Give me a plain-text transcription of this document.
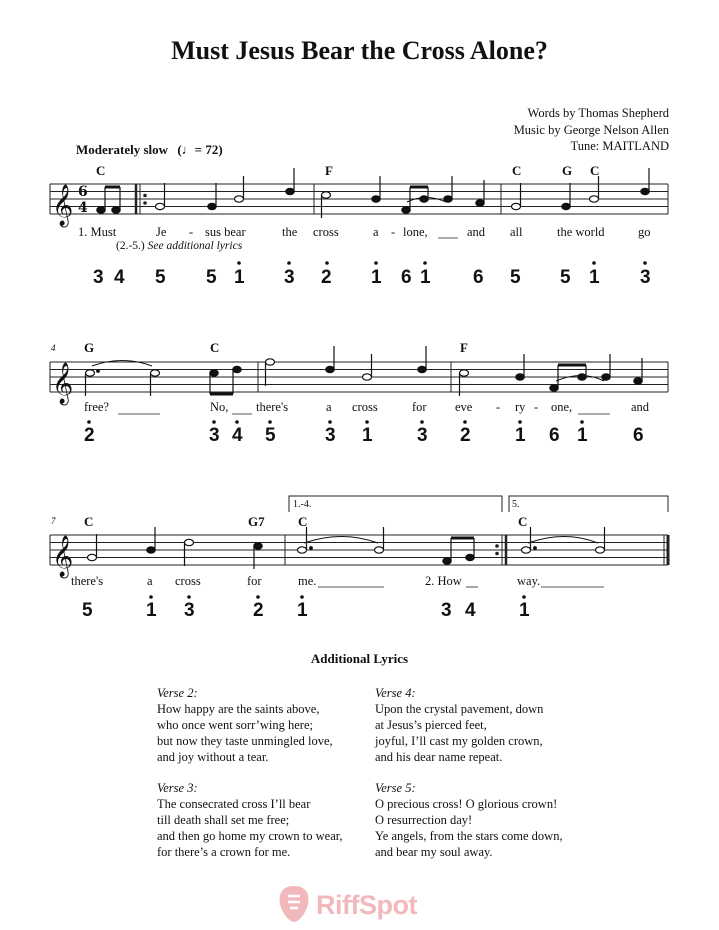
Must Jesus Bear the Cross Alone?
Words by Thomas Shepherd
Music by George Nelson Allen
Tune: MAITLAND
Moderately slow (♩= 72)
𝄞
𝄞
𝄞
6
4
4
7
1.-4.	5.
C	F	C	G C
G	C	F
C	G7	C	C
1. Must	Je - sus bear	the cross	a - lone,	and all	the world	go
(2.-5.) See additional lyrics
3 4 5 5 1 3 2 1 6 1 6 5 5 1 3
free?	No, there's	a cross	for eve - ry - one,	and
2	3 4 5	3 1 3 2 1 6 1 6
there's	a cross	for	me.	2. How	way.
5	1 3	2 1	3 4 1
Additional Lyrics
Verse 2:
How happy are the saints above,
who once went sorr’wing here;
but now they taste unmingled love,
and joy without a tear.
Verse 3:
The consecrated cross I’ll bear
till death shall set me free;
and then go home my crown to wear,
for there’s a crown for me.
Verse 4:
Upon the crystal pavement, down
at Jesus’s pierced feet,
joyful, I’ll cast my golden crown,
and his dear name repeat.
Verse 5:
O precious cross! O glorious crown!
O resurrection day!
Ye angels, from the stars come down,
and bear my soul away.
RiffSpot
